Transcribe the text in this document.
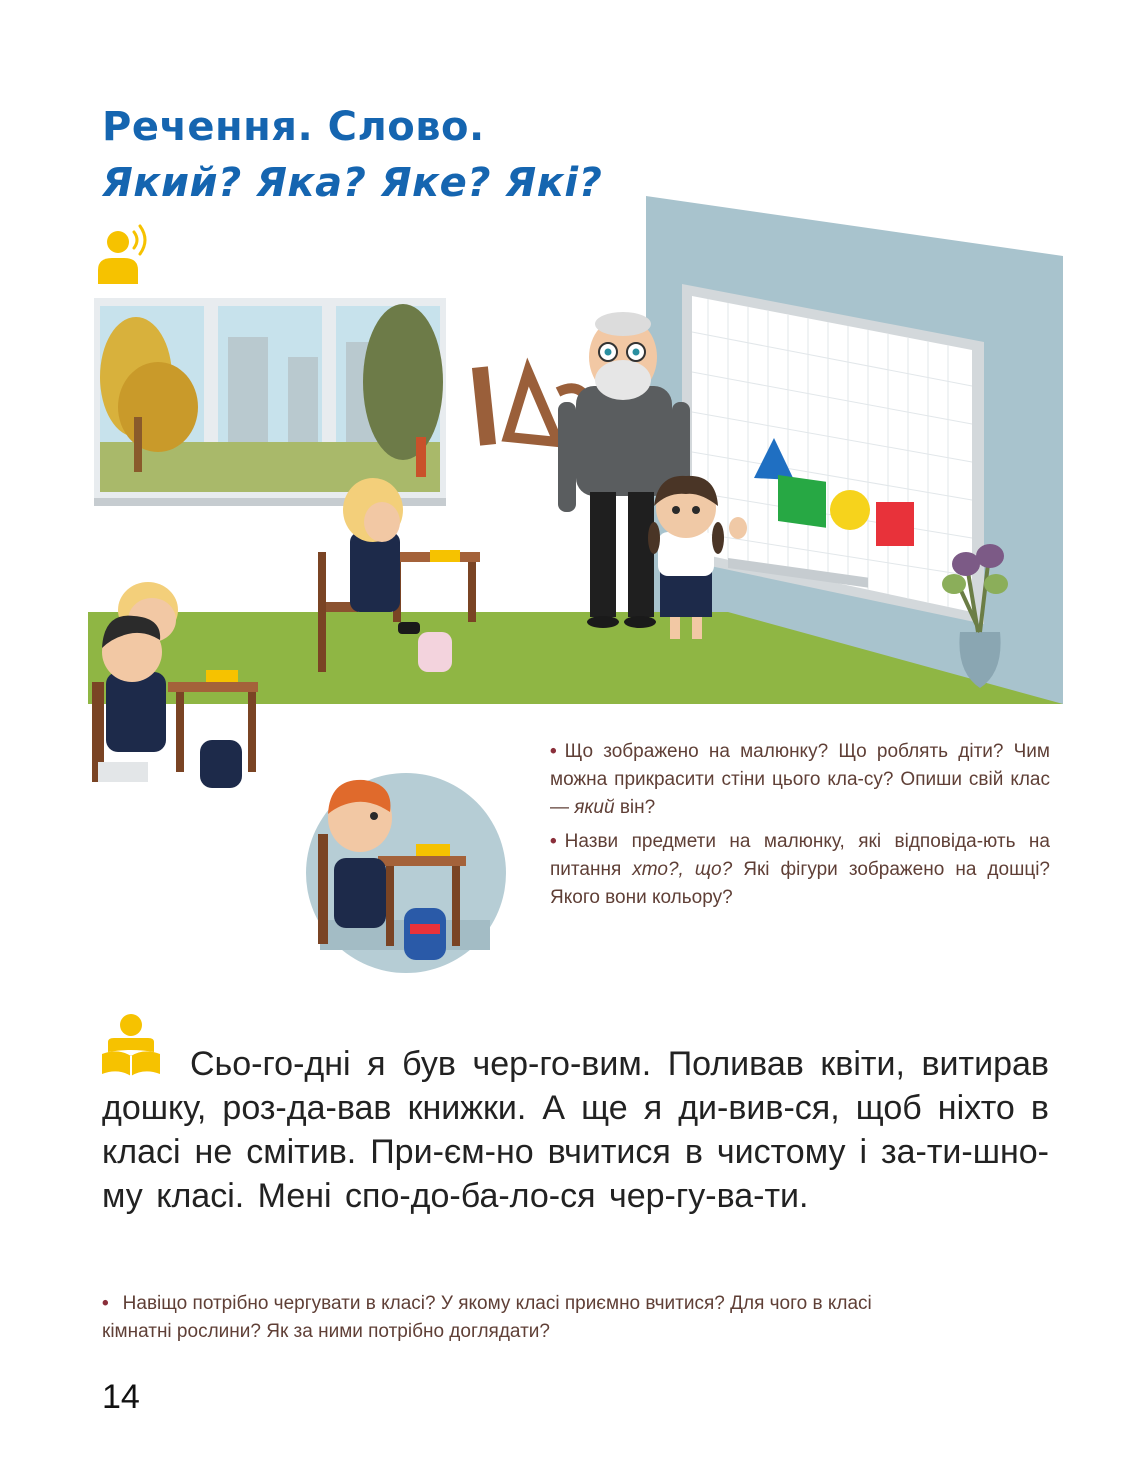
Речення. Слово.
Який? Яка? Яке? Які?

• Що зображено на малюнку? Що роблять діти? Чим можна прикрасити стіни цього кла-су? Опиши свій клас — який він?

• Назви предмети на малюнку, які відповіда-ють на питання хто?, що? Які фігури зображено на дошці? Якого вони кольору?

Сьо-го-дні я був чер-го-вим. Поливав квіти, витирав дошку, роз-да-вав книжки. А ще я ди-вив-ся, щоб ніхто в класі не смітив. При-єм-но вчитися в чистому і за-ти-шно-му класі. Мені спо-до-ба-ло-ся чер-гу-ва-ти.

• Навіщо потрібно чергувати в класі? У якому класі приємно вчитися? Для чого в класі кімнатні рослини? Як за ними потрібно доглядати?

14
